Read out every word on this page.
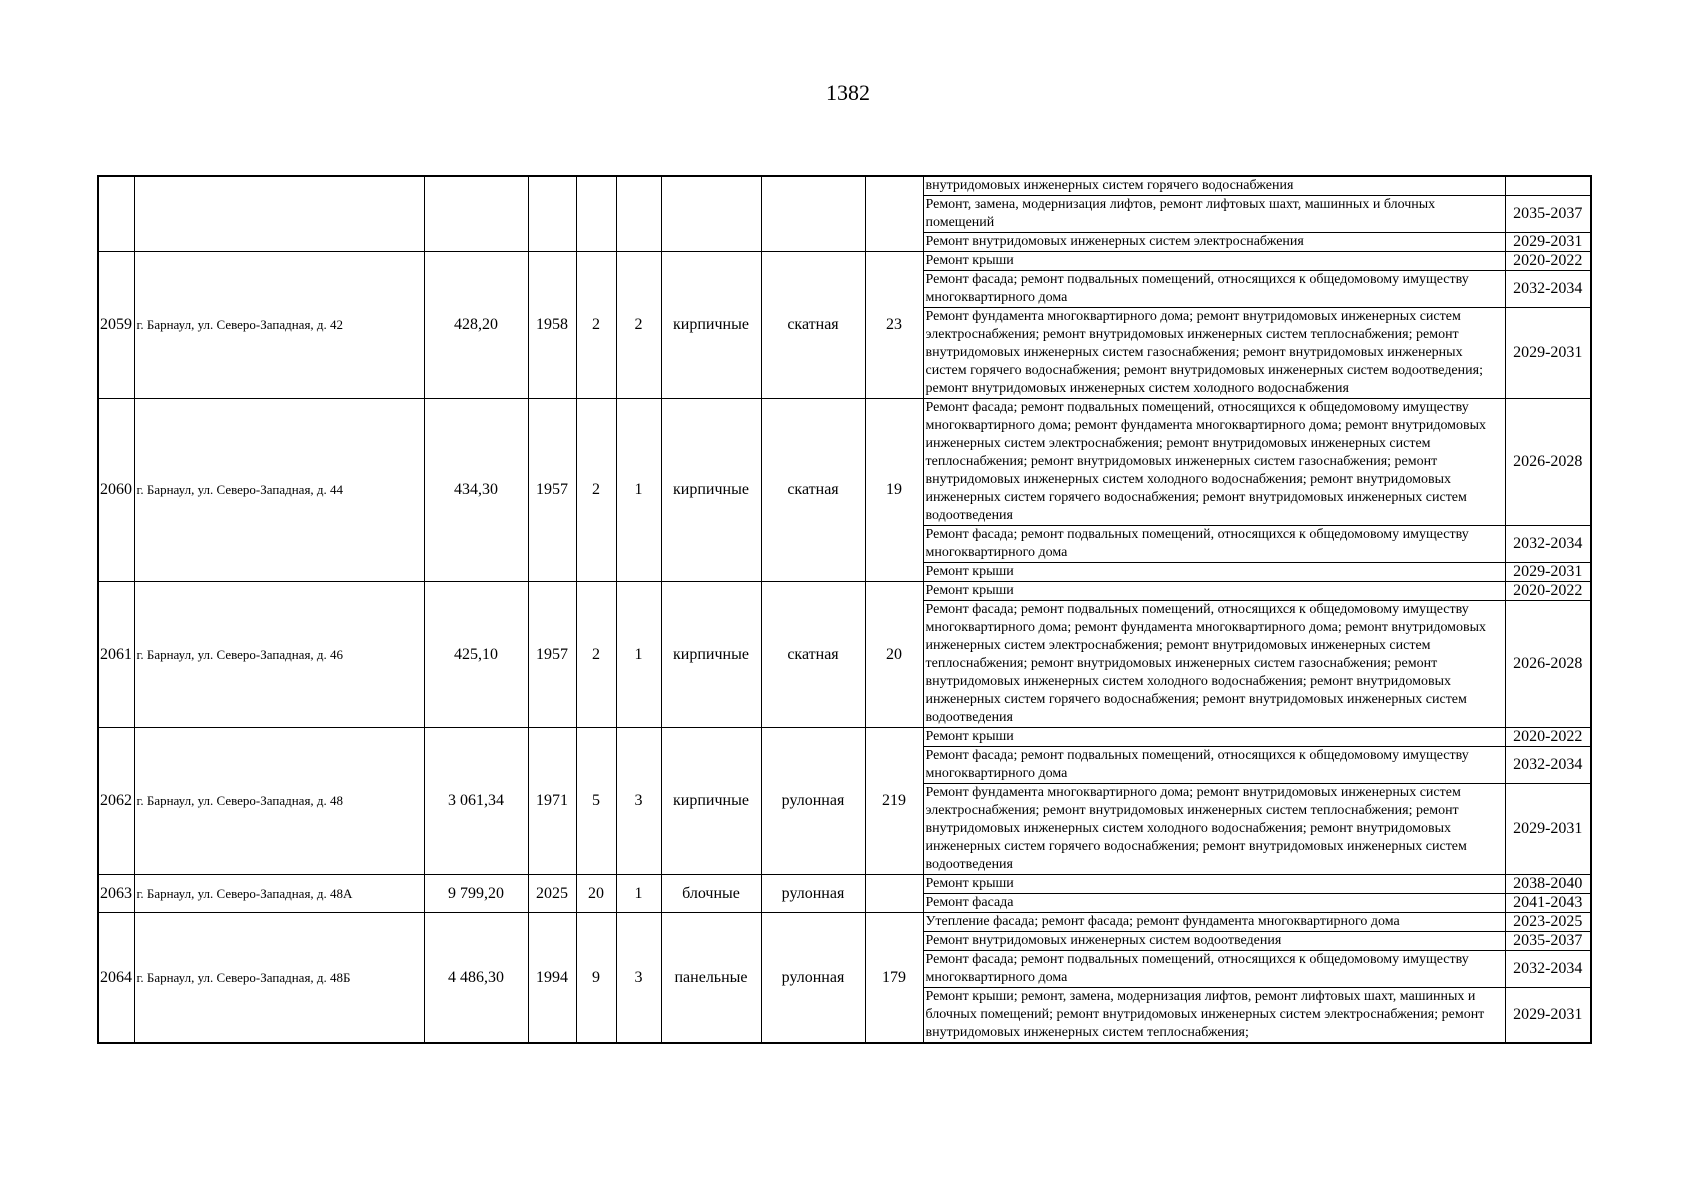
1382
									внутридомовых инженерных систем горячего водоснабжения	
									Ремонт, замена, модернизация лифтов, ремонт лифтовых шахт, машинных и блочных помещений	2035-2037
									Ремонт внутридомовых инженерных систем электроснабжения	2029-2031
2059	г. Барнаул, ул. Северо-Западная, д. 42	428,20	1958	2	2	кирпичные	скатная	23	Ремонт крыши	2020-2022
									Ремонт фасада; ремонт подвальных помещений, относящихся к общедомовому имуществу многоквартирного дома	2032-2034
									Ремонт фундамента многоквартирного дома; ремонт внутридомовых инженерных систем электроснабжения; ремонт внутридомовых инженерных систем теплоснабжения; ремонт внутридомовых инженерных систем газоснабжения; ремонт внутридомовых инженерных систем горячего водоснабжения; ремонт внутридомовых инженерных систем водоотведения; ремонт внутридомовых инженерных систем холодного водоснабжения	2029-2031
2060	г. Барнаул, ул. Северо-Западная, д. 44	434,30	1957	2	1	кирпичные	скатная	19	Ремонт фасада; ремонт подвальных помещений, относящихся к общедомовому имуществу многоквартирного дома; ремонт фундамента многоквартирного дома; ремонт внутридомовых инженерных систем электроснабжения; ремонт внутридомовых инженерных систем теплоснабжения; ремонт внутридомовых инженерных систем газоснабжения; ремонт внутридомовых инженерных систем холодного водоснабжения; ремонт внутридомовых инженерных систем горячего водоснабжения; ремонт внутридомовых инженерных систем водоотведения	2026-2028
									Ремонт фасада; ремонт подвальных помещений, относящихся к общедомовому имуществу многоквартирного дома	2032-2034
									Ремонт крыши	2029-2031
2061	г. Барнаул, ул. Северо-Западная, д. 46	425,10	1957	2	1	кирпичные	скатная	20	Ремонт крыши	2020-2022
									Ремонт фасада; ремонт подвальных помещений, относящихся к общедомовому имуществу многоквартирного дома; ремонт фундамента многоквартирного дома; ремонт внутридомовых инженерных систем электроснабжения; ремонт внутридомовых инженерных систем теплоснабжения; ремонт внутридомовых инженерных систем газоснабжения; ремонт внутридомовых инженерных систем холодного водоснабжения; ремонт внутридомовых инженерных систем горячего водоснабжения; ремонт внутридомовых инженерных систем водоотведения	2026-2028
2062	г. Барнаул, ул. Северо-Западная, д. 48	3 061,34	1971	5	3	кирпичные	рулонная	219	Ремонт крыши	2020-2022
									Ремонт фасада; ремонт подвальных помещений, относящихся к общедомовому имуществу многоквартирного дома	2032-2034
									Ремонт фундамента многоквартирного дома; ремонт внутридомовых инженерных систем электроснабжения; ремонт внутридомовых инженерных систем теплоснабжения; ремонт внутридомовых инженерных систем холодного водоснабжения; ремонт внутридомовых инженерных систем горячего водоснабжения; ремонт внутридомовых инженерных систем водоотведения	2029-2031
2063	г. Барнаул, ул. Северо-Западная, д. 48А	9 799,20	2025	20	1	блочные	рулонная		Ремонт крыши	2038-2040
									Ремонт фасада	2041-2043
2064	г. Барнаул, ул. Северо-Западная, д. 48Б	4 486,30	1994	9	3	панельные	рулонная	179	Утепление фасада; ремонт фасада; ремонт фундамента многоквартирного дома	2023-2025
									Ремонт внутридомовых инженерных систем водоотведения	2035-2037
									Ремонт фасада; ремонт подвальных помещений, относящихся к общедомовому имуществу многоквартирного дома	2032-2034
									Ремонт крыши; ремонт, замена, модернизация лифтов, ремонт лифтовых шахт, машинных и блочных помещений; ремонт внутридомовых инженерных систем электроснабжения; ремонт внутридомовых инженерных систем теплоснабжения;	2029-2031
